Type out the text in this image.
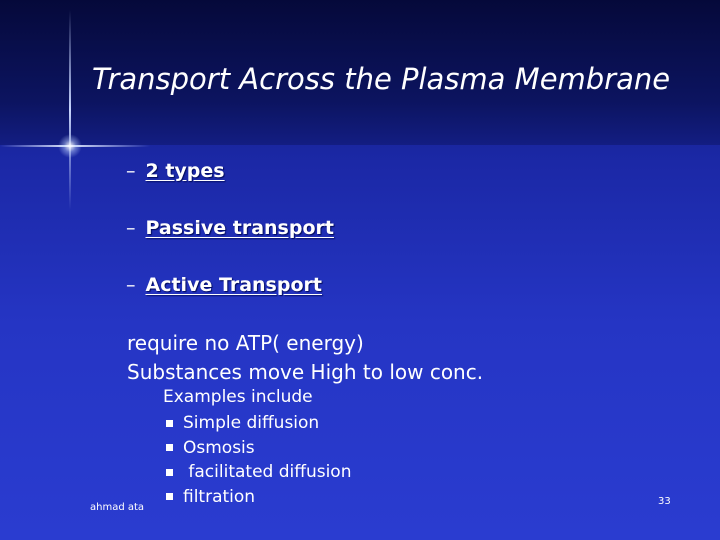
Transport Across the Plasma Membrane
– 2 types
– Passive transport
– Active Transport
require no ATP( energy)
Substances move High to low conc.
Examples include
Simple diffusion
Osmosis
facilitated diffusion
filtration
ahmad ata
33
